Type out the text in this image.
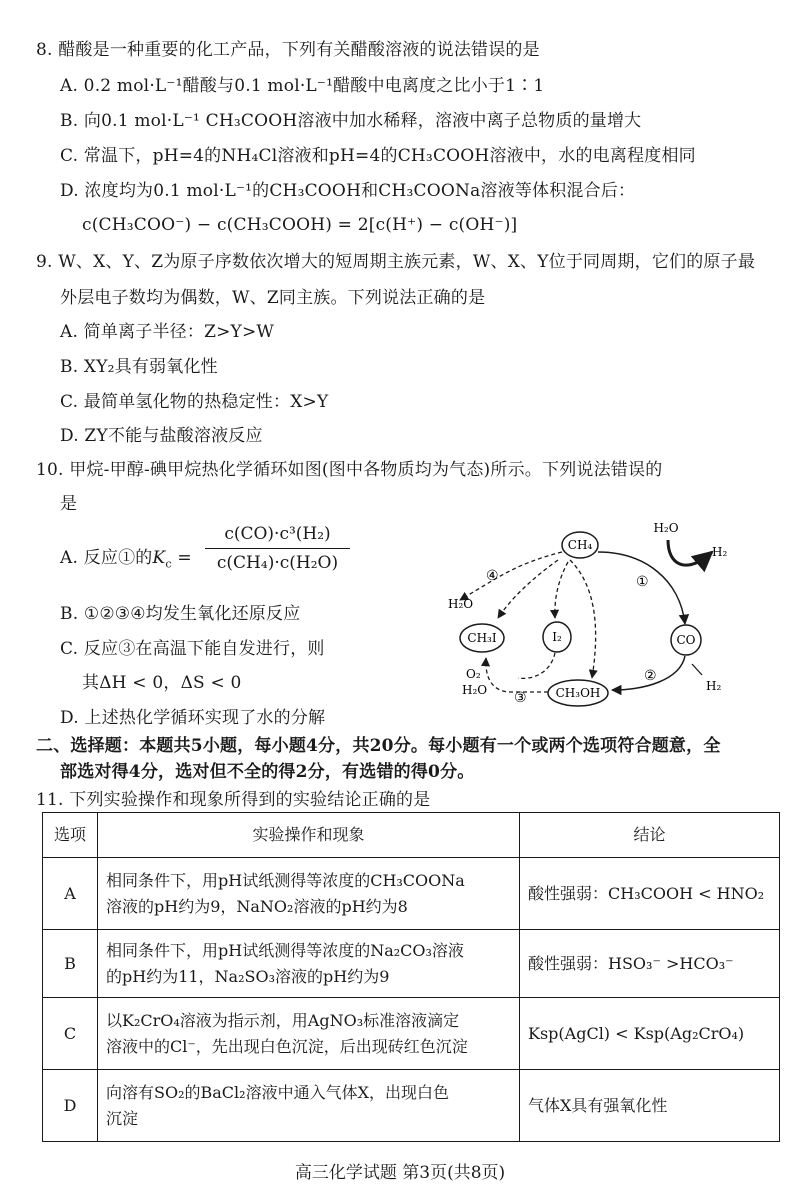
8. 醋酸是一种重要的化工产品，下列有关醋酸溶液的说法错误的是
A. 0.2 mol·L⁻¹醋酸与0.1 mol·L⁻¹醋酸中电离度之比小于1∶1
B. 向0.1 mol·L⁻¹ CH₃COOH溶液中加水稀释，溶液中离子总物质的量增大
C. 常温下，pH=4的NH₄Cl溶液和pH=4的CH₃COOH溶液中，水的电离程度相同
D. 浓度均为0.1 mol·L⁻¹的CH₃COOH和CH₃COONa溶液等体积混合后：
c(CH₃COO⁻) − c(CH₃COOH) = 2[c(H⁺) − c(OH⁻)]
9. W、X、Y、Z为原子序数依次增大的短周期主族元素，W、X、Y位于同周期，它们的原子最
外层电子数均为偶数，W、Z同主族。下列说法正确的是
A. 简单离子半径：Z>Y>W
B. XY₂具有弱氧化性
C. 最简单氢化物的热稳定性：X>Y
D. ZY不能与盐酸溶液反应
10. 甲烷-甲醇-碘甲烷热化学循环如图(图中各物质均为气态)所示。下列说法错误的
是
A. 反应①的$K_c = \frac{\text{c(CO)·c³(H₂)}}{\text{c(CH₄)·c(H₂O)}}$
B. ①②③④均发生氧化还原反应
C. 反应③在高温下能自发进行，则
其ΔH < 0，ΔS < 0
D. 上述热化学循环实现了水的分解
CH₄
CO
CH₃OH
CH₃I	I₂
H₂O
H₂
H₂
H₂O
O₂
H₂O
①
②
③
④
二、选择题：本题共5小题，每小题4分，共20分。每小题有一个或两个选项符合题意，全
部选对得4分，选对但不全的得2分，有选错的得0分。
11. 下列实验操作和现象所得到的实验结论正确的是
选项	实验操作和现象	结论
A	相同条件下，用pH试纸测得等浓度的CH₃COONa
溶液的pH约为9，NaNO₂溶液的pH约为8	酸性强弱：CH₃COOH < HNO₂
B	相同条件下，用pH试纸测得等浓度的Na₂CO₃溶液
的pH约为11，Na₂SO₃溶液的pH约为9	酸性强弱：HSO₃⁻ >HCO₃⁻
C	以K₂CrO₄溶液为指示剂，用AgNO₃标准溶液滴定
溶液中的Cl⁻，先出现白色沉淀，后出现砖红色沉淀	Ksp(AgCl) < Ksp(Ag₂CrO₄)
D	向溶有SO₂的BaCl₂溶液中通入气体X，出现白色
沉淀	气体X具有强氧化性
高三化学试题 第3页(共8页)
